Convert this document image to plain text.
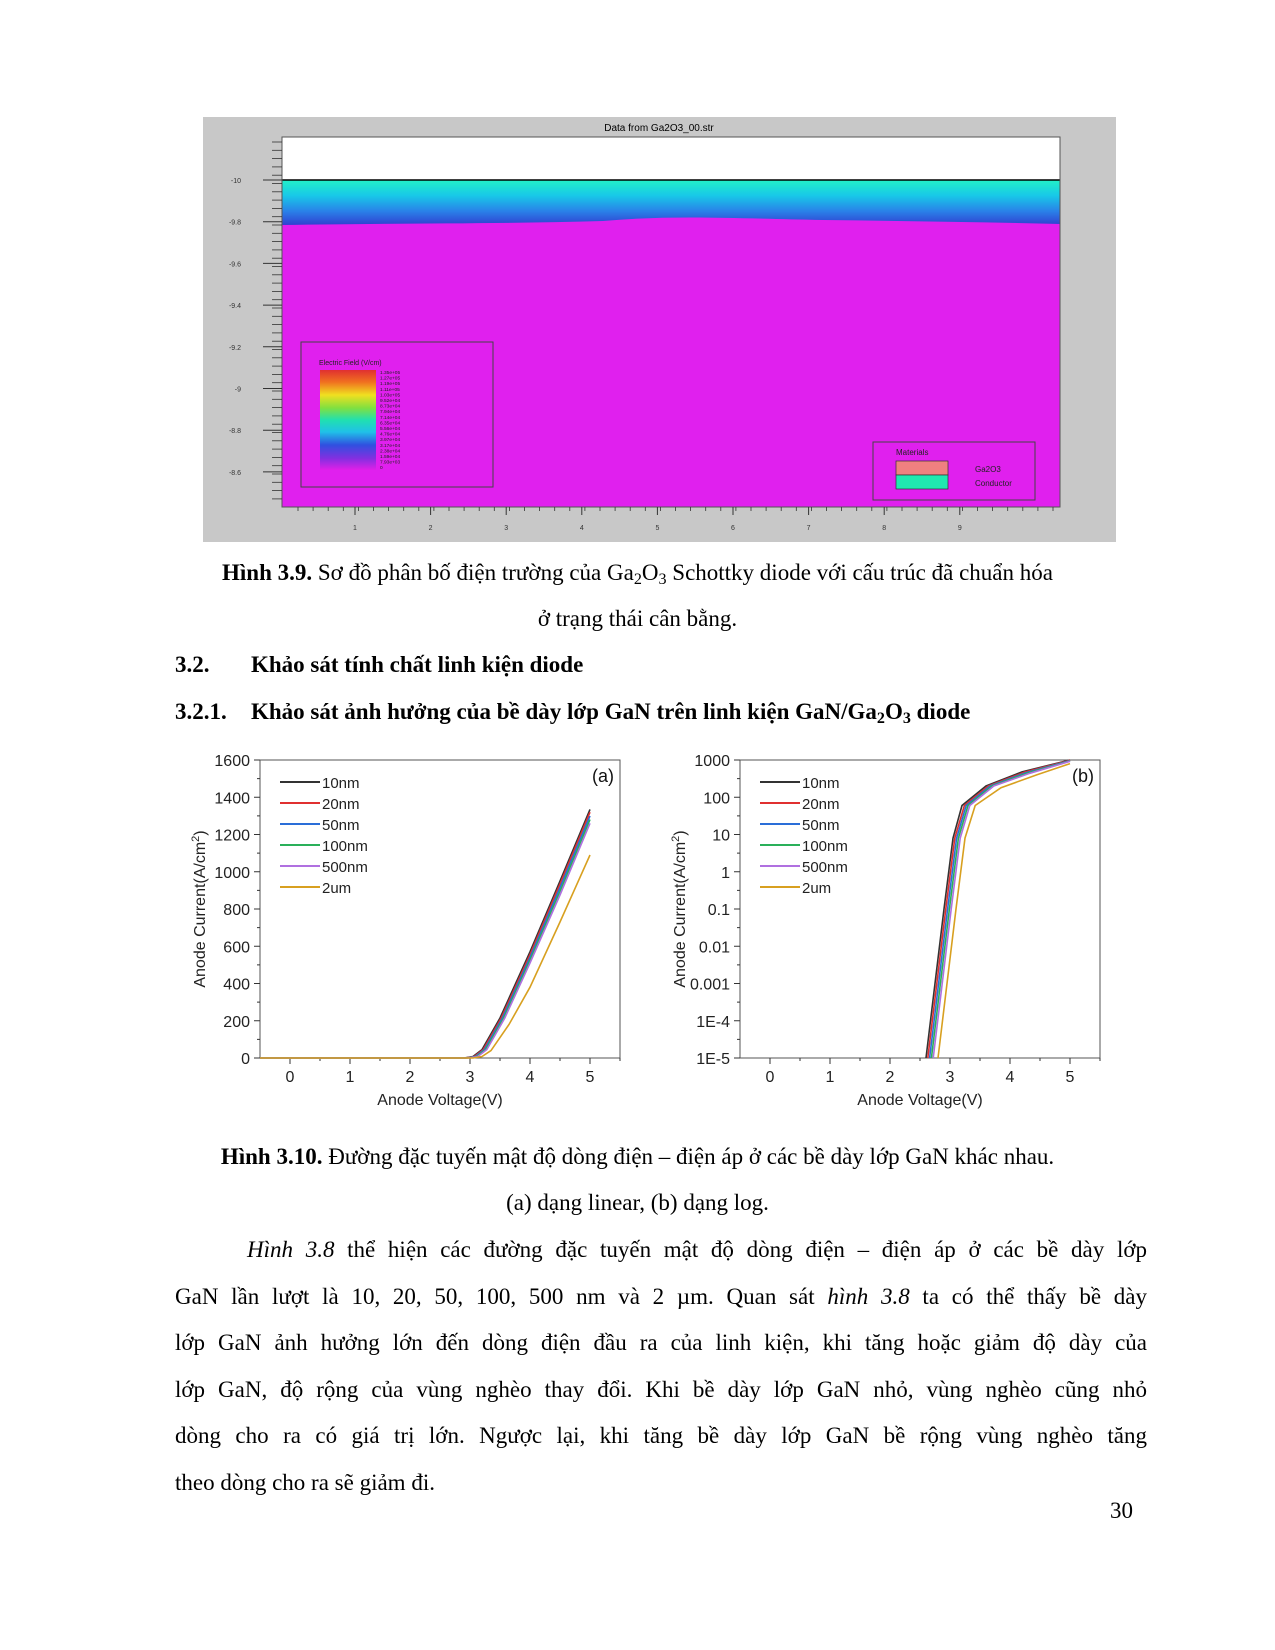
Data from Ga2O3_00.str
-10
-9.8
-9.6
-9.4
-9.2
-9
-8.8
-8.6
1	2	3	4	5	6	7	8	9
Electric Field (V/cm)
1.35e+05
1.27e+05
1.19e+05
1.11e+05
1.03e+05
9.52e+04
8.73e+04
7.94e+04
7.14e+04
6.35e+04
5.56e+04
4.76e+04
3.97e+04
3.17e+04
2.38e+04
1.59e+04
7.93e+03
0
Materials
Ga2O3
Conductor
Hình 3.9. Sơ đồ phân bố điện trường của $Ga_2O_3$ Schottky diode với cấu trúc đã chuẩn hóa
ở trạng thái cân bằng.
3.2. Khảo sát tính chất linh kiện diode
3.2.1. Khảo sát ảnh hưởng của bề dày lớp GaN trên linh kiện GaN/$Ga_2O_3$ diode
0
200
400
600
800
1000
1200
1400
1600
0	1	2	3	4	5
Anode Voltage(V)
Anode $Current(A/cm^2)$
(a)
10nm
20nm
50nm
100nm
500nm
2um
1E-5
1E-4
0.001
0.01
0.1
1
10
100
1000
0	1	2	3	4	5
Anode Voltage(V)
Anode $Current(A/cm^2)$
(b)
10nm
20nm
50nm
100nm
500nm
2um
Hình 3.10. Đường đặc tuyến mật độ dòng điện – điện áp ở các bề dày lớp GaN khác nhau.
(a) dạng linear, (b) dạng log.
Hình 3.8 thể hiện các đường đặc tuyến mật độ dòng điện – điện áp ở các bề dày lớp
GaN lần lượt là 10, 20, 50, 100, 500 nm và 2 µm. Quan sát hình 3.8 ta có thể thấy bề dày
lớp GaN ảnh hưởng lớn đến dòng điện đầu ra của linh kiện, khi tăng hoặc giảm độ dày của
lớp GaN, độ rộng của vùng nghèo thay đổi. Khi bề dày lớp GaN nhỏ, vùng nghèo cũng nhỏ
dòng cho ra có giá trị lớn. Ngược lại, khi tăng bề dày lớp GaN bề rộng vùng nghèo tăng
theo dòng cho ra sẽ giảm đi.
30
